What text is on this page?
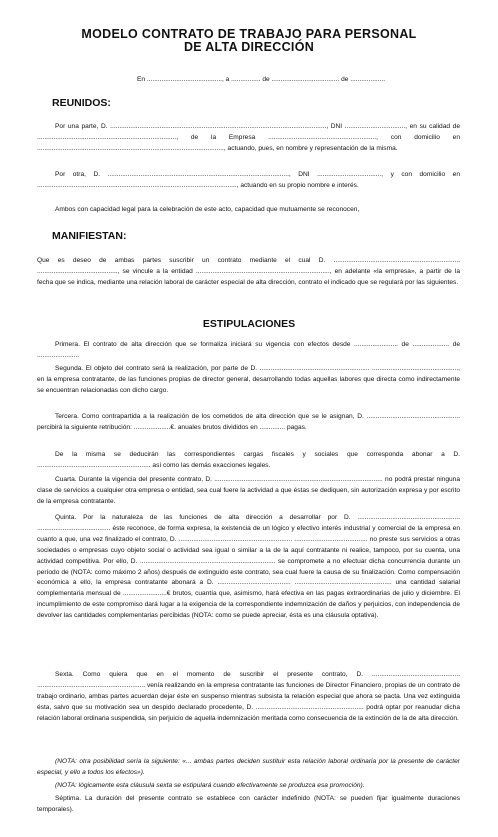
MODELO CONTRATO DE TRABAJO PARA PERSONAL
DE ALTA DIRECCIÓN
En ........................................., a ................ de ..................................... de ...................
REUNIDOS:
Por una parte, D. ......................................................................................................................, DNI ................................., en su calidad de ............................................................................, de la Empresa ..........................................................., con domicilio en ......................................................................................................, actuando, pues, en nombre y representación de la misma.
Por otra, D. ..................................................................................................., DNI ..................................., y con domicilio en ............................................................................................................., actuando en su propio nombre e interés.
Ambos con capacidad legal para la celebración de este acto, capacidad que mutuamente se reconocen,
MANIFIESTAN:
Que es deseo de ambas partes suscribir un contrato mediante el cual D. ..................................................................... ............................................, se vincule a la entidad ........................................................................., en adelante «la empresa», a partir de la fecha que se indica, mediante una relación laboral de carácter especial de alta dirección, contrato el indicado que se regulará por las siguientes.
ESTIPULACIONES
Primera. El contrato de alta dirección que se formaliza iniciará su vigencia con efectos desde ........................ de .................... de .......................
Segunda. El objeto del contrato será la realización, por parte de D. ............................................................ ..............................................., en la empresa contratante, de las funciones propias de director general, desarrollando todas aquellas labores que directa como indirectamente se encuentran relacionadas con dicho cargo.
Tercera. Como contrapartida a la realización de los cometidos de alta dirección que se le asignan, D. ................................................... percibirá la siguiente retribución: ....................€. anuales brutos divididos en .............. pagas.
De la misma se deducirán las correspondientes cargas fiscales y sociales que corresponda abonar a D. .............................................................. así como las demás exacciones legales.
Cuarta. Durante la vigencia del presente contrato, D. ............................................................................................ no podrá prestar ninguna clase de servicios a cualquier otra empresa o entidad, sea cual fuere la actividad a que éstas se dediquen, sin autorización expresa y por escrito de la empresa contratante.
Quinta. Por la naturaleza de las funciones de alta dirección a desarrollar por D. ........................................................ ........................................ éste reconoce, de forma expresa, la existencia de un lógico y efectivo interés industrial y comercial de la empresa en cuanto a que, una vez finalizado el contrato, D. .............................................................. ........................................ no preste sus servicios a otras sociedades o empresas cuyo objeto social o actividad sea igual o similar a la de la aquí contratante ni realice, tampoco, por su cuenta, una actividad competitiva. Por ello, D. .......................................................................... se compromete a no efectuar dicha concurrencia durante un período de (NOTA: como máximo 2 años) después de extinguido este contrato, sea cual fuere la causa de su finalización. Como compensación económica a ello, la empresa contratante abonará a D. ........................................ ..................................................... una cantidad salarial complementaria mensual de ........................€ brutos, cuantía que, asimismo, hará efectiva en las pagas extraordinarias de julio y diciembre. El incumplimiento de este compromiso dará lugar a la exigencia de la correspondiente indemnización de daños y perjuicios, con independencia de devolver las cantidades complementarias percibidas (NOTA: como se puede apreciar, ésta es una cláusula optativa).
Sexta. Como quiera que en el momento de suscribir el presente contrato, D. ................................................ ........................................................... venía realizando en la empresa contratante las funciones de Director Financiero, propias de un contrato de trabajo ordinario, ambas partes acuerdan dejar éste en suspenso mientras subsista la relación especial que ahora se pacta. Una vez extinguida ésta, salvo que su motivación sea un despido declarado procedente, D. ........................................................... podrá optar por reanudar dicha relación laboral ordinaria suspendida, sin perjuicio de aquella indemnización meritada como consecuencia de la extinción de la de alta dirección.
(NOTA: otra posibilidad sería la siguiente: «... ambas partes deciden sustituir esta relación laboral ordinaria por la presente de carácter especial, y ello a todos los efectos»).
(NOTA: lógicamente esta cláusula sexta se estipulará cuando efectivamente se produzca esa promoción).
Séptima. La duración del presente contrato se establece con carácter indefinido (NOTA: se pueden fijar igualmente duraciones temporales).
